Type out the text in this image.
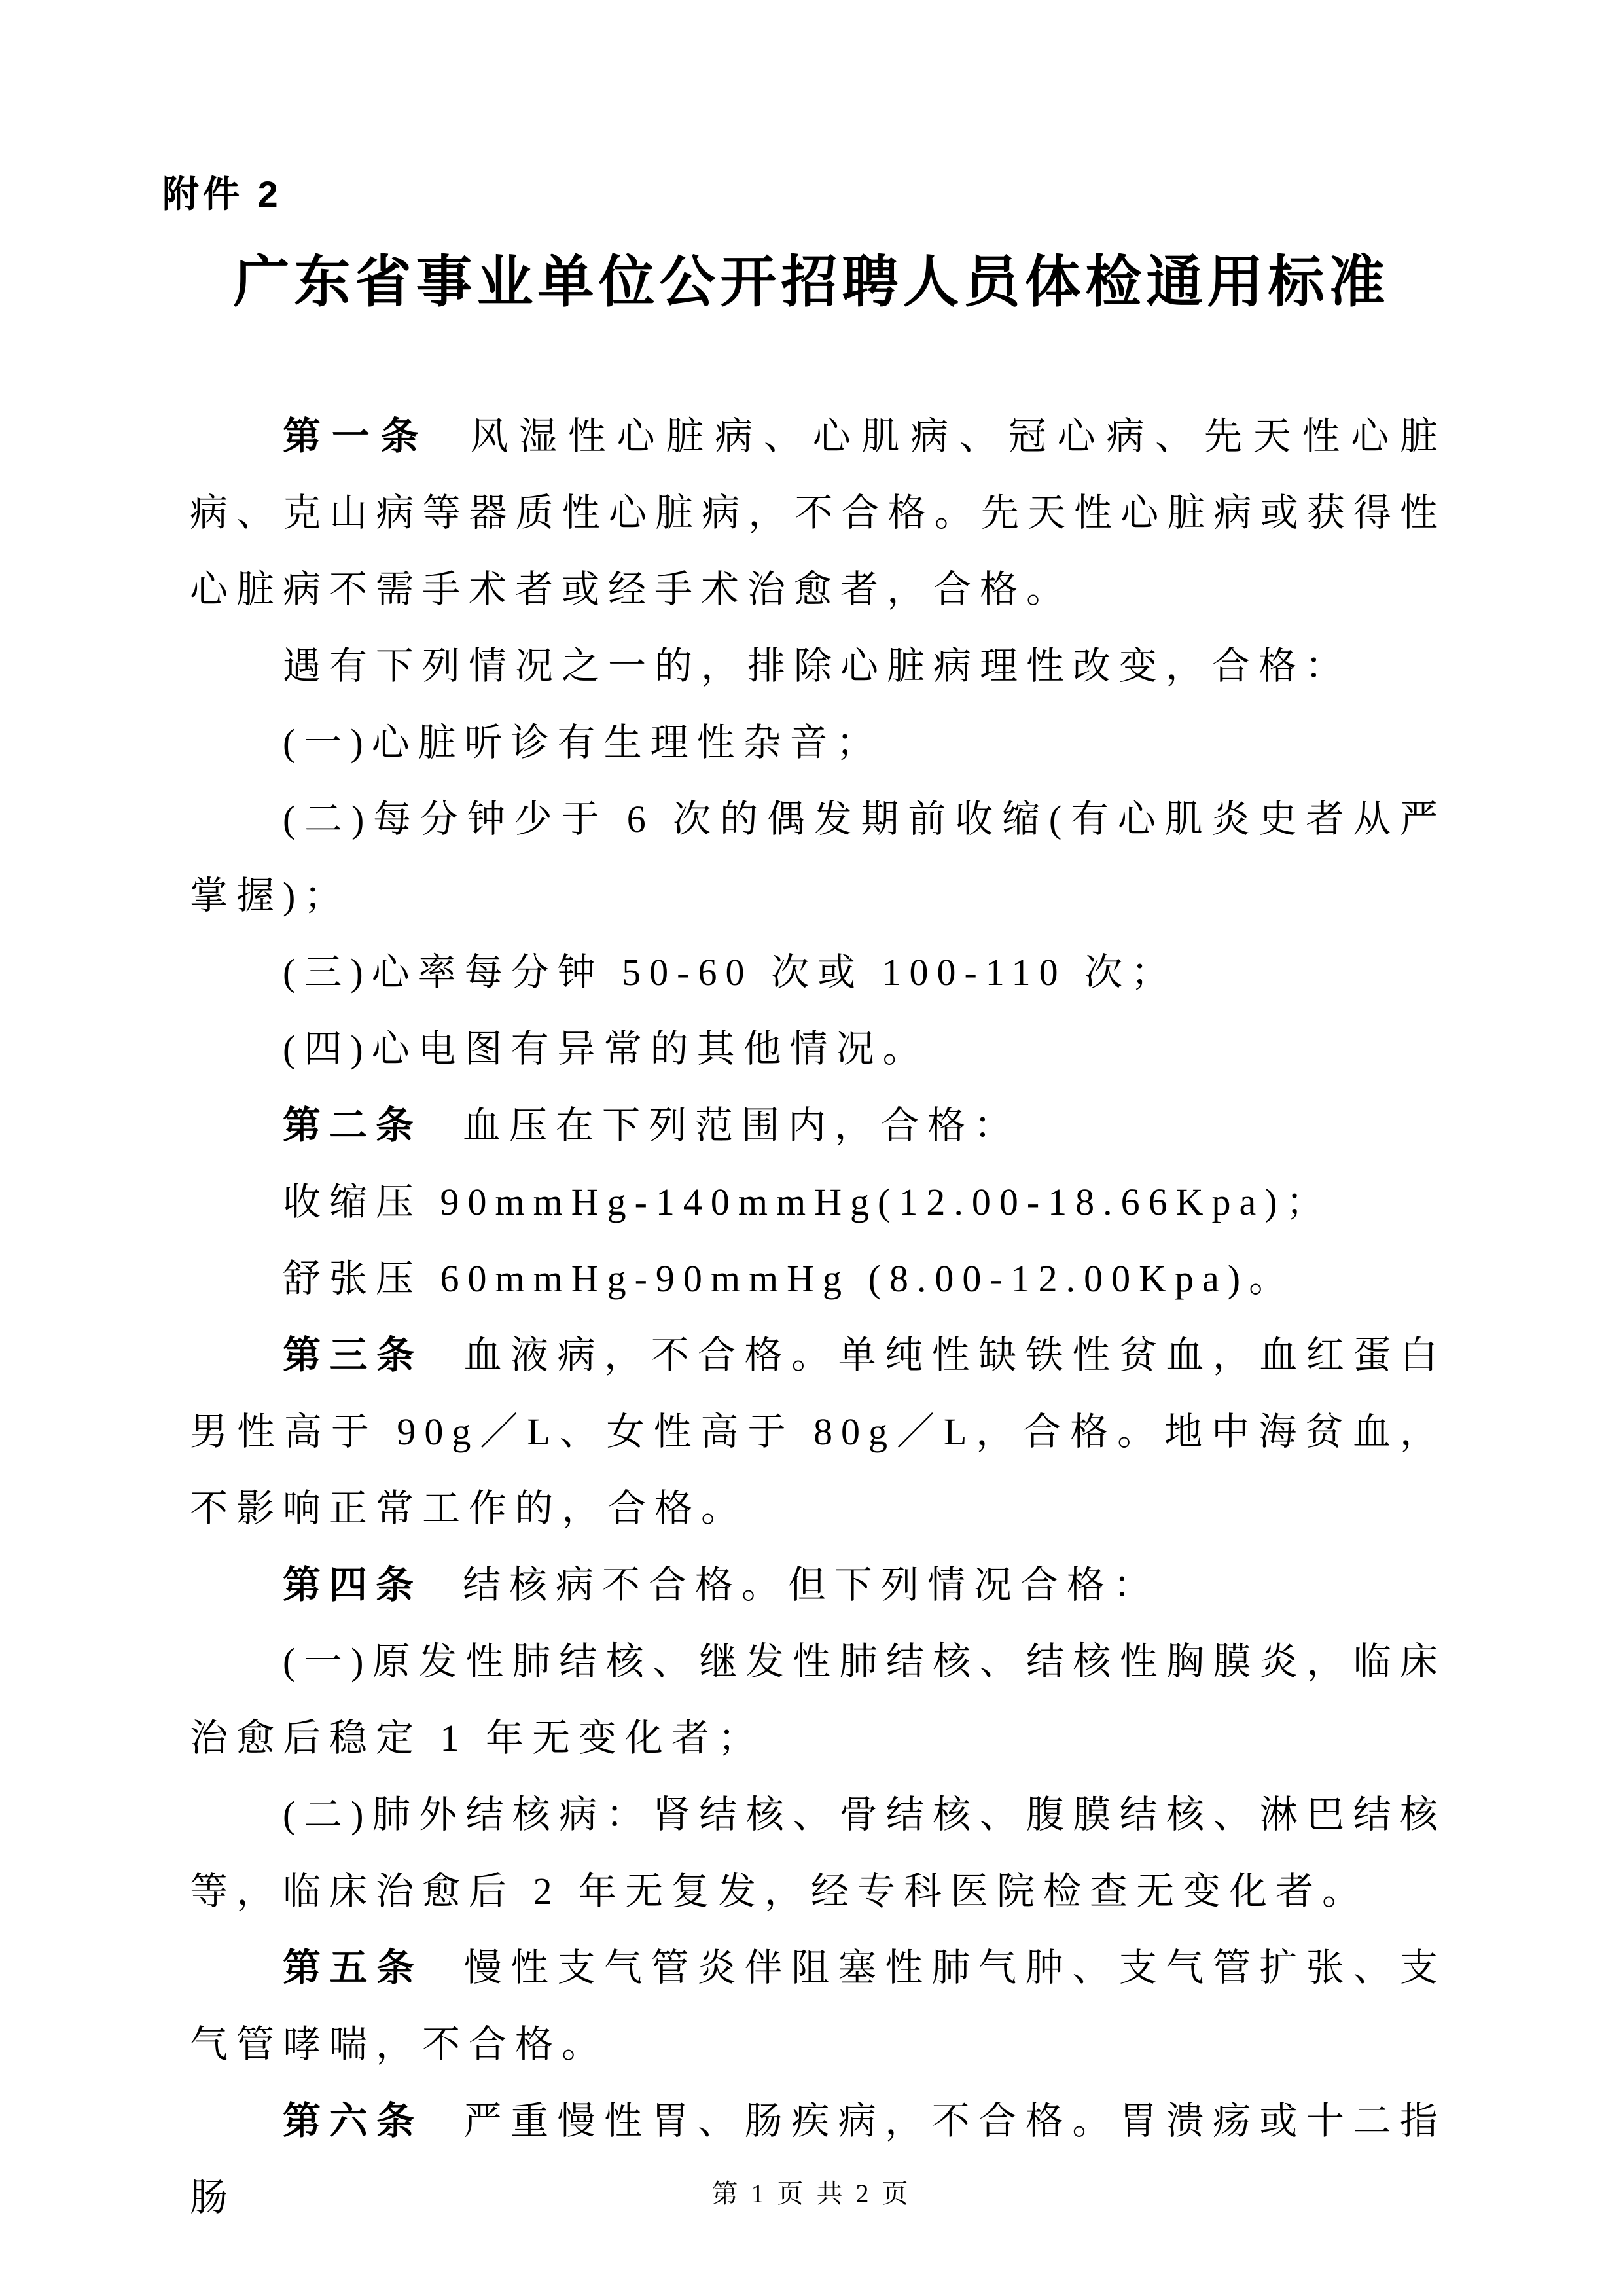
附件 2
广东省事业单位公开招聘人员体检通用标准

第一条 风湿性心脏病、心肌病、冠心病、先天性心脏病、克山病等器质性心脏病，不合格。先天性心脏病或获得性心脏病不需手术者或经手术治愈者，合格。

遇有下列情况之一的，排除心脏病理性改变，合格：

(一)心脏听诊有生理性杂音；

(二)每分钟少于 6 次的偶发期前收缩(有心肌炎史者从严掌握)；

(三)心率每分钟 50-60 次或 100-110 次；

(四)心电图有异常的其他情况。

第二条 血压在下列范围内，合格：

收缩压 90mmHg-140mmHg(12.00-18.66Kpa)；

舒张压 60mmHg-90mmHg (8.00-12.00Kpa)。

第三条 血液病，不合格。单纯性缺铁性贫血，血红蛋白男性高于 90g／L、女性高于 80g／L，合格。地中海贫血，不影响正常工作的，合格。

第四条 结核病不合格。但下列情况合格：

(一)原发性肺结核、继发性肺结核、结核性胸膜炎，临床治愈后稳定 1 年无变化者；

(二)肺外结核病：肾结核、骨结核、腹膜结核、淋巴结核等，临床治愈后 2 年无复发，经专科医院检查无变化者。

第五条 慢性支气管炎伴阻塞性肺气肿、支气管扩张、支气管哮喘，不合格。

第六条 严重慢性胃、肠疾病，不合格。胃溃疡或十二指肠	第 1 页 共 2 页
